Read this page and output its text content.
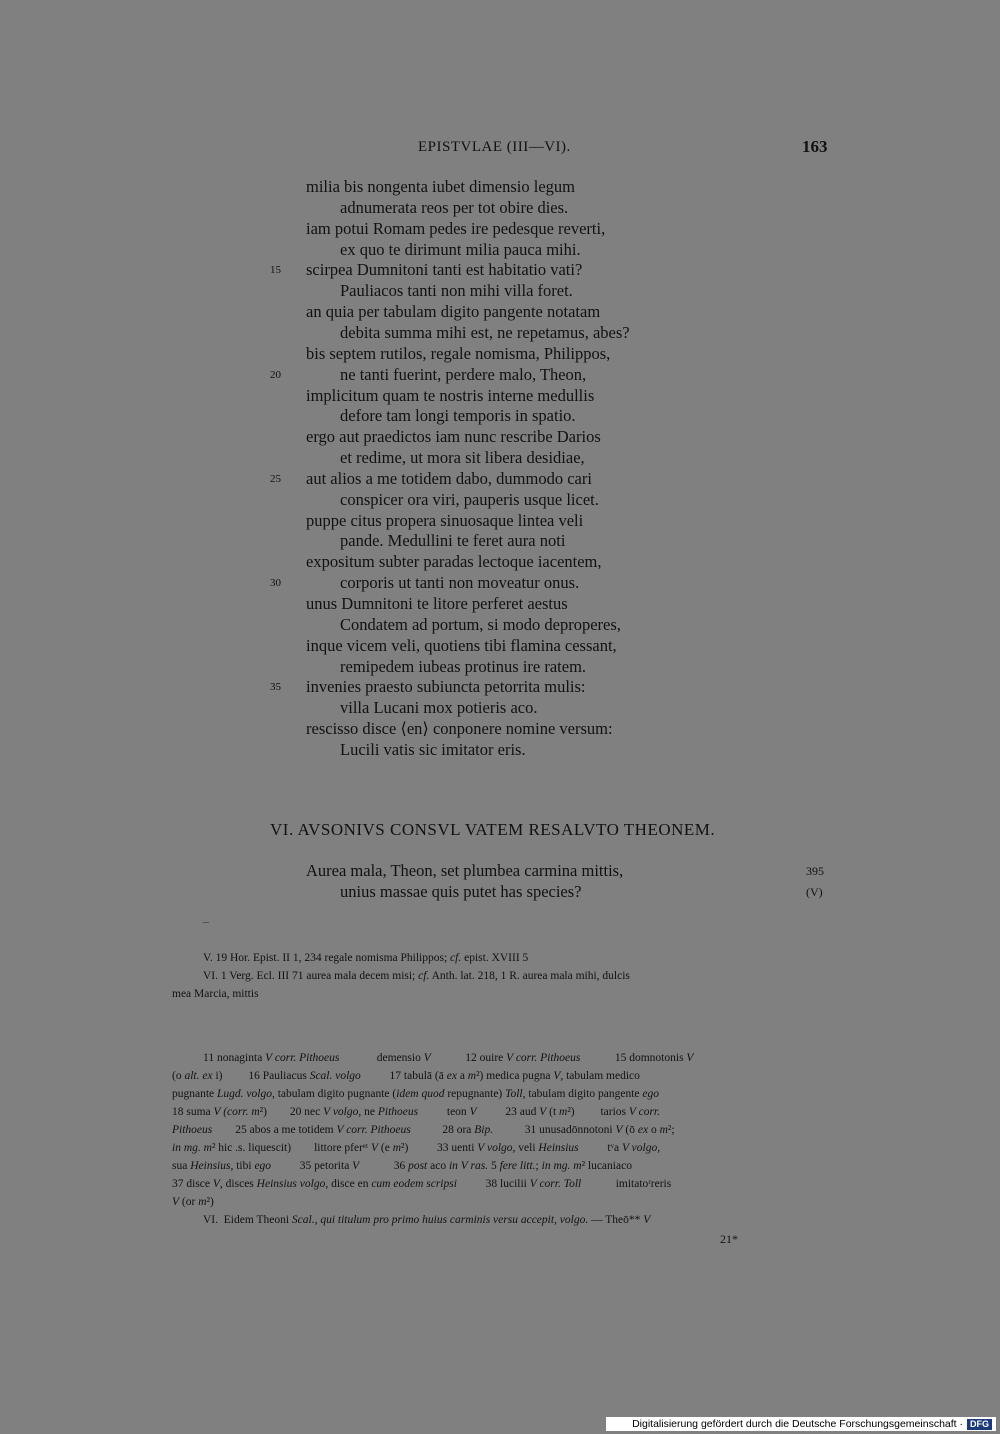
EPISTVLAE (III—VI).	163
milia bis nongenta iubet dimensio legum
adnumerata reos per tot obire dies.
iam potui Romam pedes ire pedesque reverti,
ex quo te dirimunt milia pauca mihi.
scirpea Dumnitoni tanti est habitatio vati?
15
Pauliacos tanti non mihi villa foret.
an quia per tabulam digito pangente notatam
debita summa mihi est, ne repetamus, abes?
bis septem rutilos, regale nomisma, Philippos,
ne tanti fuerint, perdere malo, Theon,
20
implicitum quam te nostris interne medullis
defore tam longi temporis in spatio.
ergo aut praedictos iam nunc rescribe Darios
et redime, ut mora sit libera desidiae,
aut alios a me totidem dabo, dummodo cari
25
conspicer ora viri, pauperis usque licet.
puppe citus propera sinuosaque lintea veli
pande. Medullini te feret aura noti
expositum subter paradas lectoque iacentem,
corporis ut tanti non moveatur onus.
30
unus Dumnitoni te litore perferet aestus
Condatem ad portum, si modo deproperes,
inque vicem veli, quotiens tibi flamina cessant,
remipedem iubeas protinus ire ratem.
invenies praesto subiuncta petorrita mulis:
35
villa Lucani mox potieris aco.
rescisso disce ⟨en⟩ conponere nomine versum:
Lucili vatis sic imitator eris.
VI. AVSONIVS CONSVL VATEM RESALVTO THEONEM.
Aurea mala, Theon, set plumbea carmina mittis,	395
unius massae quis putet has species?	(V)
–
V. 19 Hor. Epist. II 1, 234 regale nomisma Philippos; cf. epist. XVIII 5
VI. 1 Verg. Ecl. III 71 aurea mala decem misi; cf. Anth. lat. 218, 1 R. aurea mala mihi, dulcis
mea Marcia, mittis
11 nonaginta V corr. Pithoeus             demensio V            12 ouire V corr. Pithoeus            15 domnotonis V
(o alt. ex i)         16 Pauliacus Scal. volgo          17 tabulā (ā ex a m²) medica pugna V, tabulam medico
pugnante Lugd. volgo, tabulam digito pugnante (idem quod repugnante) Toll, tabulam digito pangente ego
18 suma V (corr. m²)        20 nec V volgo, ne Pithoeus          teon V          23 aud V (t m²)         tarios V corr.
Pithoeus        25 abos a me totidem V corr. Pithoeus           28 ora Bip.           31 unusadōnnotoni V (ō ex o m²;
in mg. m² hic .s. liquescit)        littore pferᵉᵗ V (e m²)          33 uenti V volgo, veli Heinsius          tᵛa V volgo,
sua Heinsius, tibi ego          35 petorita V            36 post aco in V ras. 5 fere litt.; in mg. m² lucaniaco
37 disce V, disces Heinsius volgo, disce en cum eodem scripsi          38 lucilii V corr. Toll            imitatoʳreris
V (or m²)
VI.  Eidem Theoni Scal., qui titulum pro primo huius carminis versu accepit, volgo. — Theō** V
21*
Digitalisierung gefördert durch die Deutsche Forschungsgemeinschaft · DFG
